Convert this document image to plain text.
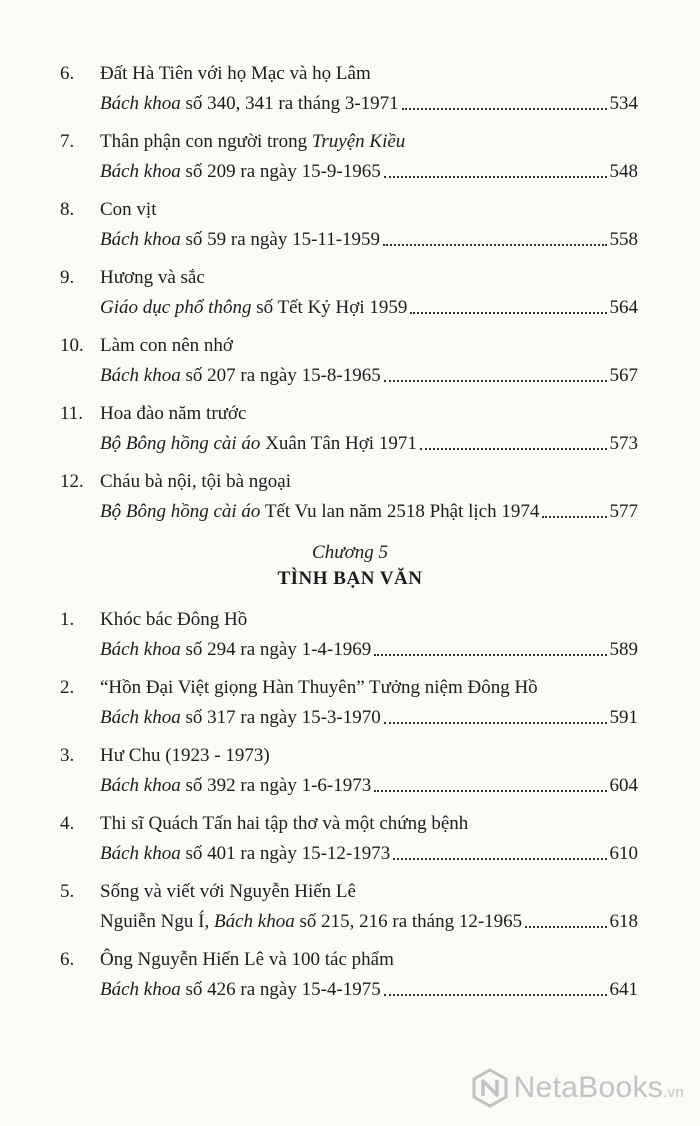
6. Đất Hà Tiên với họ Mạc và họ Lâm
Bách khoa số 340, 341 ra tháng 3-1971	534
7. Thân phận con người trong Truyện Kiều
Bách khoa số 209 ra ngày 15-9-1965	548
8. Con vịt
Bách khoa số 59 ra ngày 15-11-1959	558
9. Hương và sắc
Giáo dục phổ thông số Tết Kỷ Hợi 1959	564
10. Làm con nên nhớ
Bách khoa số 207 ra ngày 15-8-1965	567
11. Hoa đào năm trước
Bộ Bông hồng cài áo Xuân Tân Hợi 1971	573
12. Cháu bà nội, tội bà ngoại
Bộ Bông hồng cài áo Tết Vu lan năm 2518 Phật lịch 1974	577
Chương 5
TÌNH BẠN VĂN
1. Khóc bác Đông Hồ
Bách khoa số 294 ra ngày 1-4-1969	589
2. “Hồn Đại Việt giọng Hàn Thuyên” Tưởng niệm Đông Hồ
Bách khoa số 317 ra ngày 15-3-1970	591
3. Hư Chu (1923 - 1973)
Bách khoa số 392 ra ngày 1-6-1973	604
4. Thi sĩ Quách Tấn hai tập thơ và một chứng bệnh
Bách khoa số 401 ra ngày 15-12-1973	610
5. Sống và viết với Nguyễn Hiến Lê
Nguiễn Ngu Í, Bách khoa số 215, 216 ra tháng 12-1965	618
6. Ông Nguyễn Hiến Lê và 100 tác phẩm
Bách khoa số 426 ra ngày 15-4-1975	641
NetaBooks.vn
